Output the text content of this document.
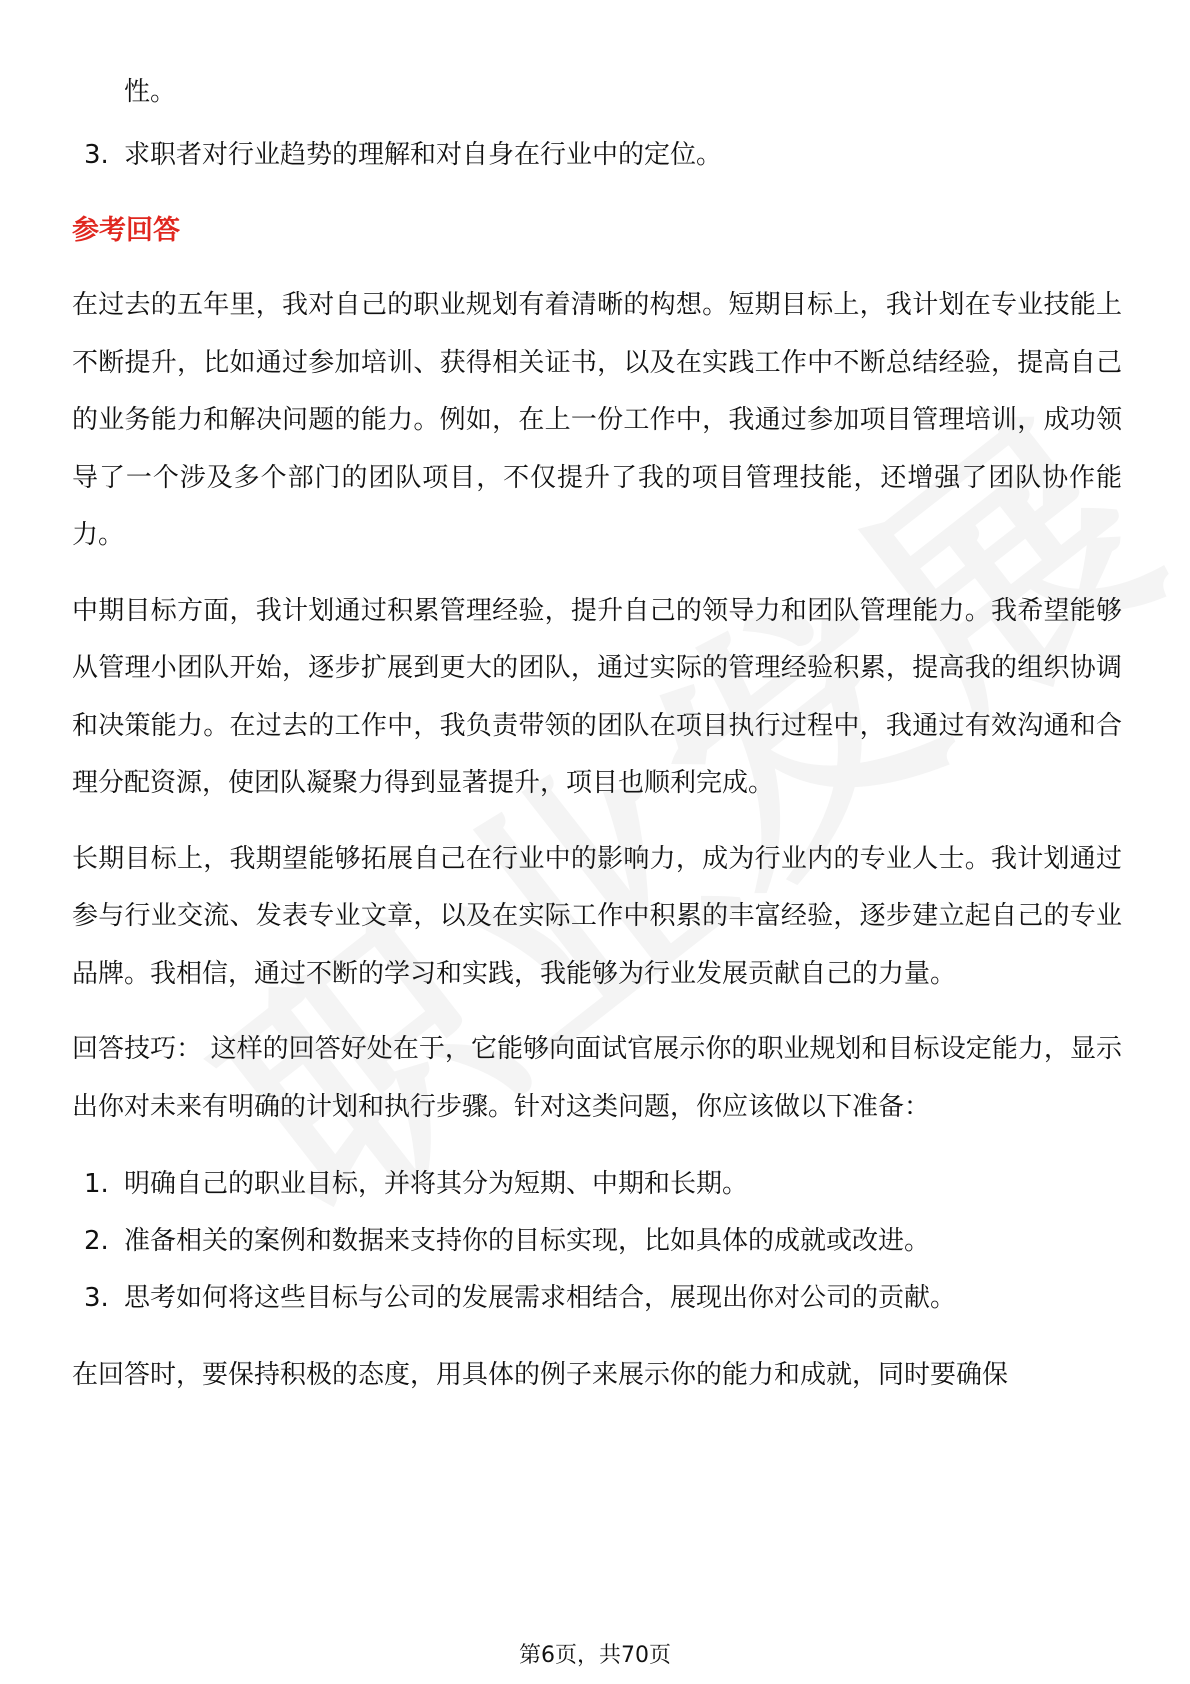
性。

3. 求职者对行业趋势的理解和对自身在行业中的定位。
参考回答

在过去的五年里，我对自己的职业规划有着清晰的构想。短期目标上，我计划在专业技能上不断提升，比如通过参加培训、获得相关证书，以及在实践工作中不断总结经验，提高自己的业务能力和解决问题的能力。例如，在上一份工作中，我通过参加项目管理培训，成功领导了一个涉及多个部门的团队项目，不仅提升了我的项目管理技能，还增强了团队协作能力。

中期目标方面，我计划通过积累管理经验，提升自己的领导力和团队管理能力。我希望能够从管理小团队开始，逐步扩展到更大的团队，通过实际的管理经验积累，提高我的组织协调和决策能力。在过去的工作中，我负责带领的团队在项目执行过程中，我通过有效沟通和合理分配资源，使团队凝聚力得到显著提升，项目也顺利完成。

长期目标上，我期望能够拓展自己在行业中的影响力，成为行业内的专业人士。我计划通过参与行业交流、发表专业文章，以及在实际工作中积累的丰富经验，逐步建立起自己的专业品牌。我相信，通过不断的学习和实践，我能够为行业发展贡献自己的力量。

回答技巧： 这样的回答好处在于，它能够向面试官展示你的职业规划和目标设定能力，显示出你对未来有明确的计划和执行步骤。针对这类问题，你应该做以下准备：

1. 明确自己的职业目标，并将其分为短期、中期和长期。
2. 准备相关的案例和数据来支持你的目标实现，比如具体的成就或改进。
3. 思考如何将这些目标与公司的发展需求相结合，展现出你对公司的贡献。

在回答时，要保持积极的态度，用具体的例子来展示你的能力和成就，同时要确保

第6页，共70页
